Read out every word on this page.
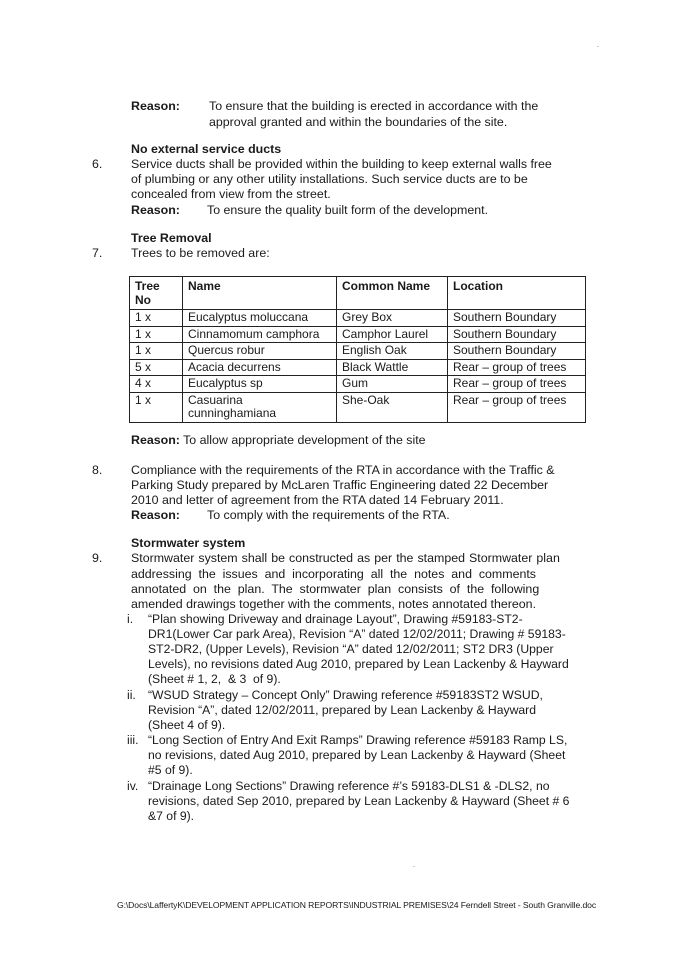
Reason: To ensure that the building is erected in accordance with the
approval granted and within the boundaries of the site.
No external service ducts
6. Service ducts shall be provided within the building to keep external walls free
of plumbing or any other utility installations. Such service ducts are to be
concealed from view from the street.
Reason: To ensure the quality built form of the development.
Tree Removal
7. Trees to be removed are:
Tree No	Name	Common Name	Location
1 x	Eucalyptus moluccana	Grey Box	Southern Boundary
1 x	Cinnamomum camphora	Camphor Laurel	Southern Boundary
1 x	Quercus robur	English Oak	Southern Boundary
5 x	Acacia decurrens	Black Wattle	Rear – group of trees
4 x	Eucalyptus sp	Gum	Rear – group of trees
1 x	Casuarina cunninghamiana	She-Oak	Rear – group of trees
Reason: To allow appropriate development of the site
8. Compliance with the requirements of the RTA in accordance with the Traffic &
Parking Study prepared by McLaren Traffic Engineering dated 22 December
2010 and letter of agreement from the RTA dated 14 February 2011.
Reason: To comply with the requirements of the RTA.
Stormwater system
9. Stormwater system shall be constructed as per the stamped Stormwater plan
addressing  the  issues  and  incorporating  all  the  notes  and  comments
annotated  on  the  plan.  The  stormwater  plan  consists  of  the  following
amended drawings together with the comments, notes annotated thereon.
i. “Plan showing Driveway and drainage Layout”, Drawing #59183-ST2-
DR1(Lower Car park Area), Revision “A” dated 12/02/2011; Drawing # 59183-
ST2-DR2, (Upper Levels), Revision “A” dated 12/02/2011; ST2 DR3 (Upper
Levels), no revisions dated Aug 2010, prepared by Lean Lackenby & Hayward
(Sheet # 1, 2,  & 3  of 9).
ii. “WSUD Strategy – Concept Only” Drawing reference #59183ST2 WSUD,
Revision “A”, dated 12/02/2011, prepared by Lean Lackenby & Hayward
(Sheet 4 of 9).
iii. “Long Section of Entry And Exit Ramps” Drawing reference #59183 Ramp LS,
no revisions, dated Aug 2010, prepared by Lean Lackenby & Hayward (Sheet
#5 of 9).
iv. “Drainage Long Sections” Drawing reference #’s 59183-DLS1 & -DLS2, no
revisions, dated Sep 2010, prepared by Lean Lackenby & Hayward (Sheet # 6
&7 of 9).
G:\Docs\LaffertyK\DEVELOPMENT APPLICATION REPORTS\INDUSTRIAL PREMISES\24 Ferndell Street - South Granville.doc
